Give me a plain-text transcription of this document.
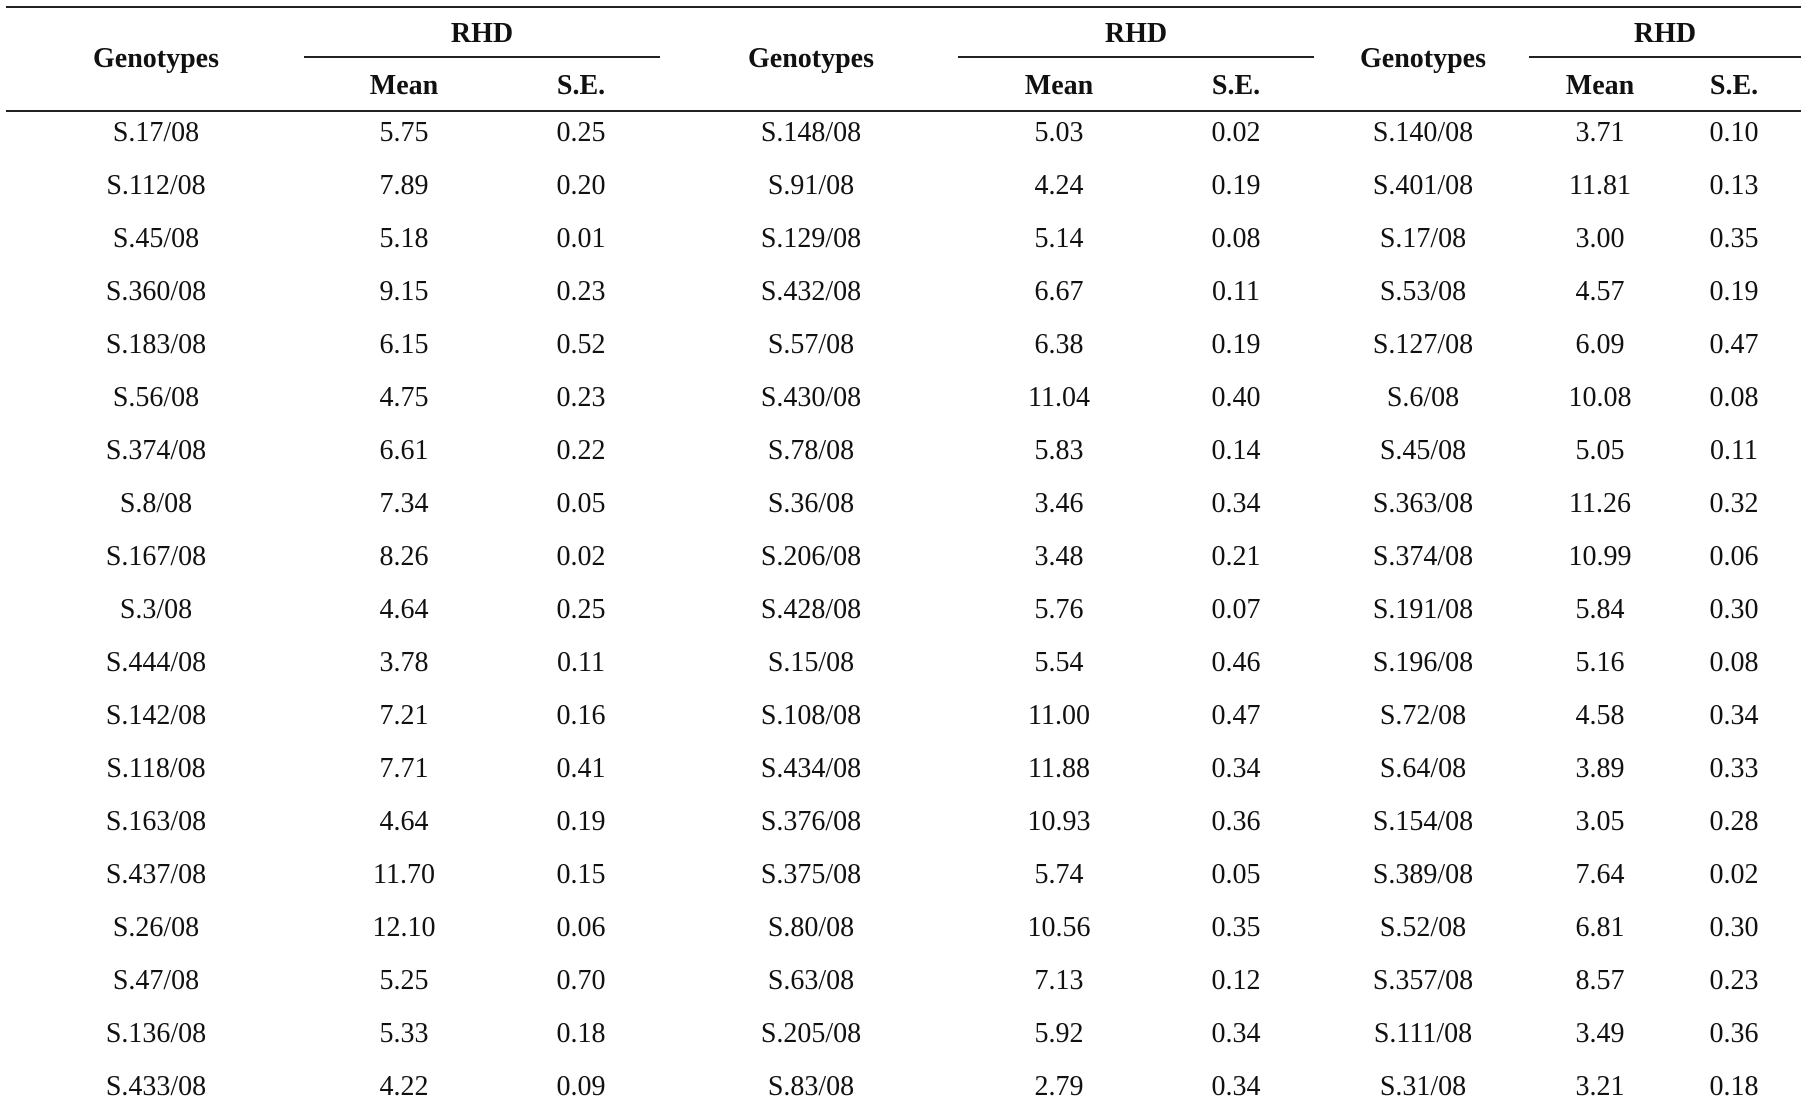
Genotypes
RHD
Mean	S.E.
S.17/08	5.75	0.25
S.112/08	7.89	0.20
S.45/08	5.18	0.01
S.360/08	9.15	0.23
S.183/08	6.15	0.52
S.56/08	4.75	0.23
S.374/08	6.61	0.22
S.8/08	7.34	0.05
S.167/08	8.26	0.02
S.3/08	4.64	0.25
S.444/08	3.78	0.11
S.142/08	7.21	0.16
S.118/08	7.71	0.41
S.163/08	4.64	0.19
S.437/08	11.70	0.15
S.26/08	12.10	0.06
S.47/08	5.25	0.70
S.136/08	5.33	0.18
S.433/08	4.22	0.09
Genotypes
RHD
Mean	S.E.
S.148/08	5.03	0.02
S.91/08	4.24	0.19
S.129/08	5.14	0.08
S.432/08	6.67	0.11
S.57/08	6.38	0.19
S.430/08	11.04	0.40
S.78/08	5.83	0.14
S.36/08	3.46	0.34
S.206/08	3.48	0.21
S.428/08	5.76	0.07
S.15/08	5.54	0.46
S.108/08	11.00	0.47
S.434/08	11.88	0.34
S.376/08	10.93	0.36
S.375/08	5.74	0.05
S.80/08	10.56	0.35
S.63/08	7.13	0.12
S.205/08	5.92	0.34
S.83/08	2.79	0.34
Genotypes
RHD
Mean	S.E.
S.140/08	3.71	0.10
S.401/08	11.81	0.13
S.17/08	3.00	0.35
S.53/08	4.57	0.19
S.127/08	6.09	0.47
S.6/08	10.08	0.08
S.45/08	5.05	0.11
S.363/08	11.26	0.32
S.374/08	10.99	0.06
S.191/08	5.84	0.30
S.196/08	5.16	0.08
S.72/08	4.58	0.34
S.64/08	3.89	0.33
S.154/08	3.05	0.28
S.389/08	7.64	0.02
S.52/08	6.81	0.30
S.357/08	8.57	0.23
S.111/08	3.49	0.36
S.31/08	3.21	0.18
